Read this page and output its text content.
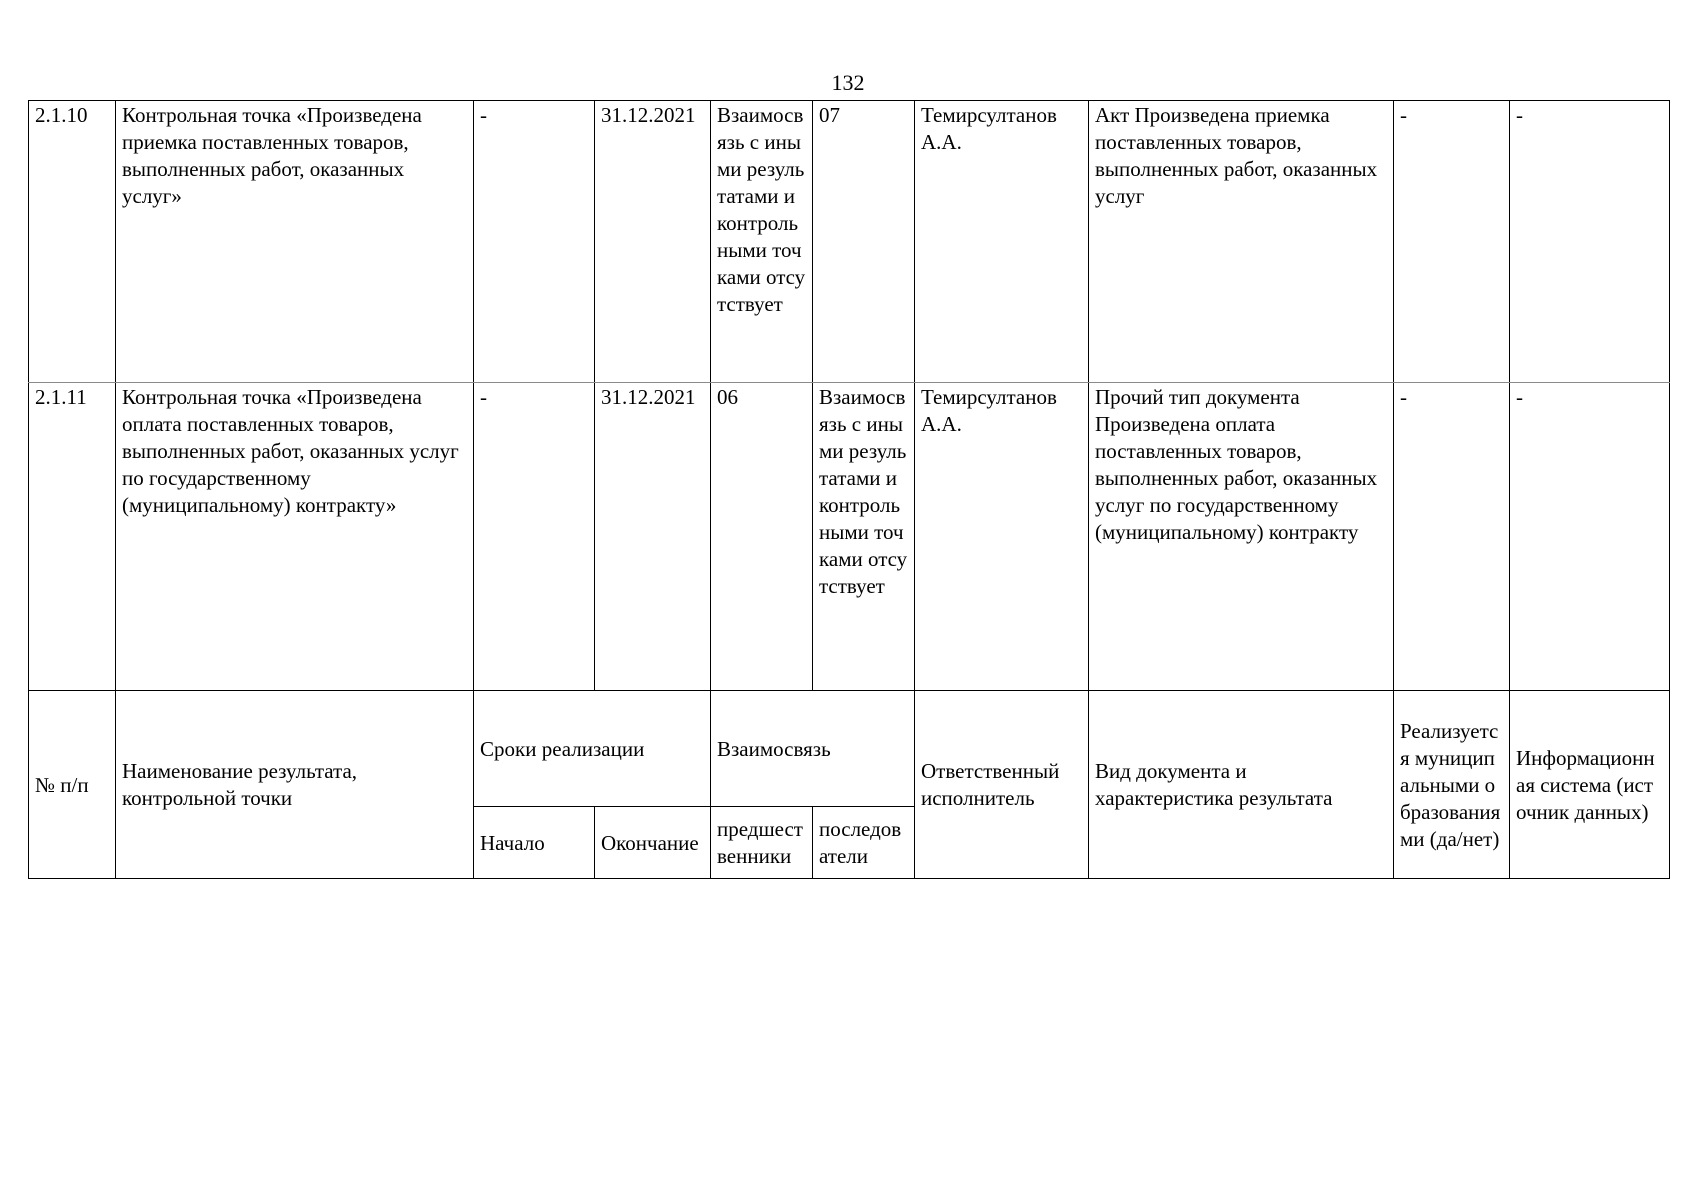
132
2.1.10	Контрольная точка «Произведена приемка поставленных товаров, выполненных работ, оказанных услуг»	-	31.12.2021	Взаимосвязь с иными результатами и контрольными точками отсутствует	07	Темирсултанов А.А.	Акт Произведена приемка поставленных товаров, выполненных работ, оказанных услуг	-	-
2.1.11	Контрольная точка «Произведена оплата поставленных товаров, выполненных работ, оказанных услуг по государственному (муниципальному) контракту»	-	31.12.2021	06	Взаимосвязь с иными результатами и контрольными точками отсутствует	Темирсултанов А.А.	Прочий тип документа Произведена оплата поставленных товаров, выполненных работ, оказанных услуг по государственному (муниципальному) контракту	-	-
№ п/п	Наименование результата, контрольной точки	Сроки реализации		Взаимосвязь		Ответственный исполнитель	Вид документа и характеристика результата	Реализуется муниципальными образованиями (да/нет)	Информационная система (источник данных)
		Начало	Окончание	предшественники	последователи				
